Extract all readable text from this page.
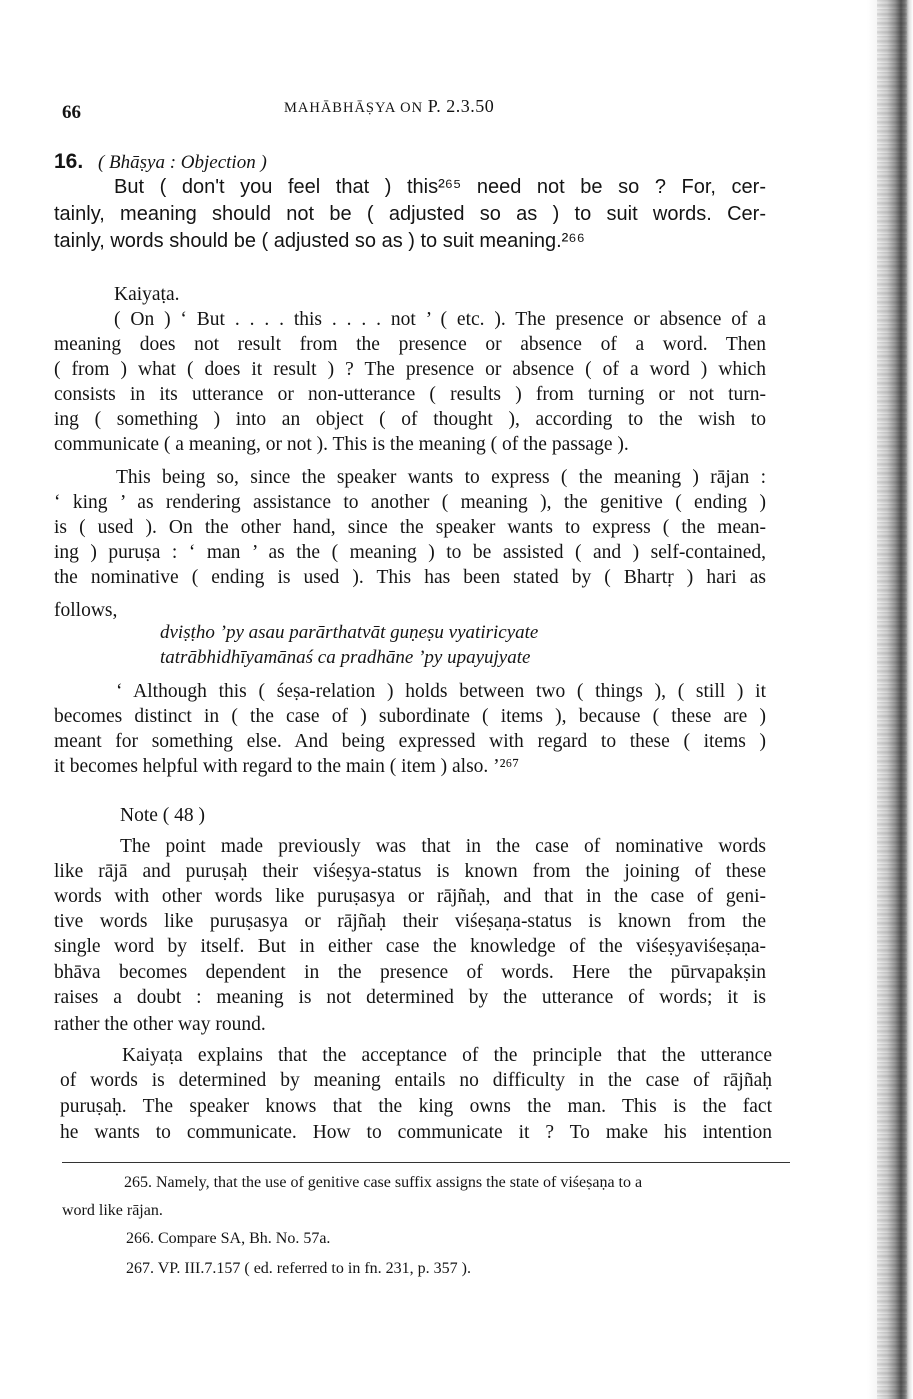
66	MAHĀBHĀṢYA ON P. 2.3.50
16. ( Bhāṣya : Objection )
But ( don't you feel that ) this²⁶⁵ need not be so ? For, cer-
tainly, meaning should not be ( adjusted so as ) to suit words. Cer-
tainly, words should be ( adjusted so as ) to suit meaning.²⁶⁶
Kaiyaṭa.
( On ) ‘ But . . . . this . . . . not ’ ( etc. ). The presence or absence of a
meaning does not result from the presence or absence of a word. Then
( from ) what ( does it result ) ? The presence or absence ( of a word ) which
consists in its utterance or non-utterance ( results ) from turning or not turn-
ing ( something ) into an object ( of thought ), according to the wish to
communicate ( a meaning, or not ). This is the meaning ( of the passage ).
This being so, since the speaker wants to express ( the meaning ) rājan :
‘ king ’ as rendering assistance to another ( meaning ), the genitive ( ending )
is ( used ). On the other hand, since the speaker wants to express ( the mean-
ing ) puruṣa : ‘ man ’ as the ( meaning ) to be assisted ( and ) self-contained,
the nominative ( ending is used ). This has been stated by ( Bhartṛ ) hari as
follows,
dviṣṭho ’py asau parārthatvāt guṇeṣu vyatiricyate
tatrābhidhīyamānaś ca pradhāne ’py upayujyate
‘ Although this ( śeṣa-relation ) holds between two ( things ), ( still ) it
becomes distinct in ( the case of ) subordinate ( items ), because ( these are )
meant for something else. And being expressed with regard to these ( items )
it becomes helpful with regard to the main ( item ) also. ’²⁶⁷
Note ( 48 )
The point made previously was that in the case of nominative words
like rājā and puruṣaḥ their viśeṣya-status is known from the joining of these
words with other words like puruṣasya or rājñaḥ, and that in the case of geni-
tive words like puruṣasya or rājñaḥ their viśeṣaṇa-status is known from the
single word by itself. But in either case the knowledge of the viśeṣyaviśeṣaṇa-
bhāva becomes dependent in the presence of words. Here the pūrvapakṣin
raises a doubt : meaning is not determined by the utterance of words; it is
rather the other way round.
Kaiyaṭa explains that the acceptance of the principle that the utterance
of words is determined by meaning entails no difficulty in the case of rājñaḥ
puruṣaḥ. The speaker knows that the king owns the man. This is the fact
he wants to communicate. How to communicate it ? To make his intention
265. Namely, that the use of genitive case suffix assigns the state of viśeṣaṇa to a
word like rājan.
266. Compare SA, Bh. No. 57a.
267. VP. III.7.157 ( ed. referred to in fn. 231, p. 357 ).
